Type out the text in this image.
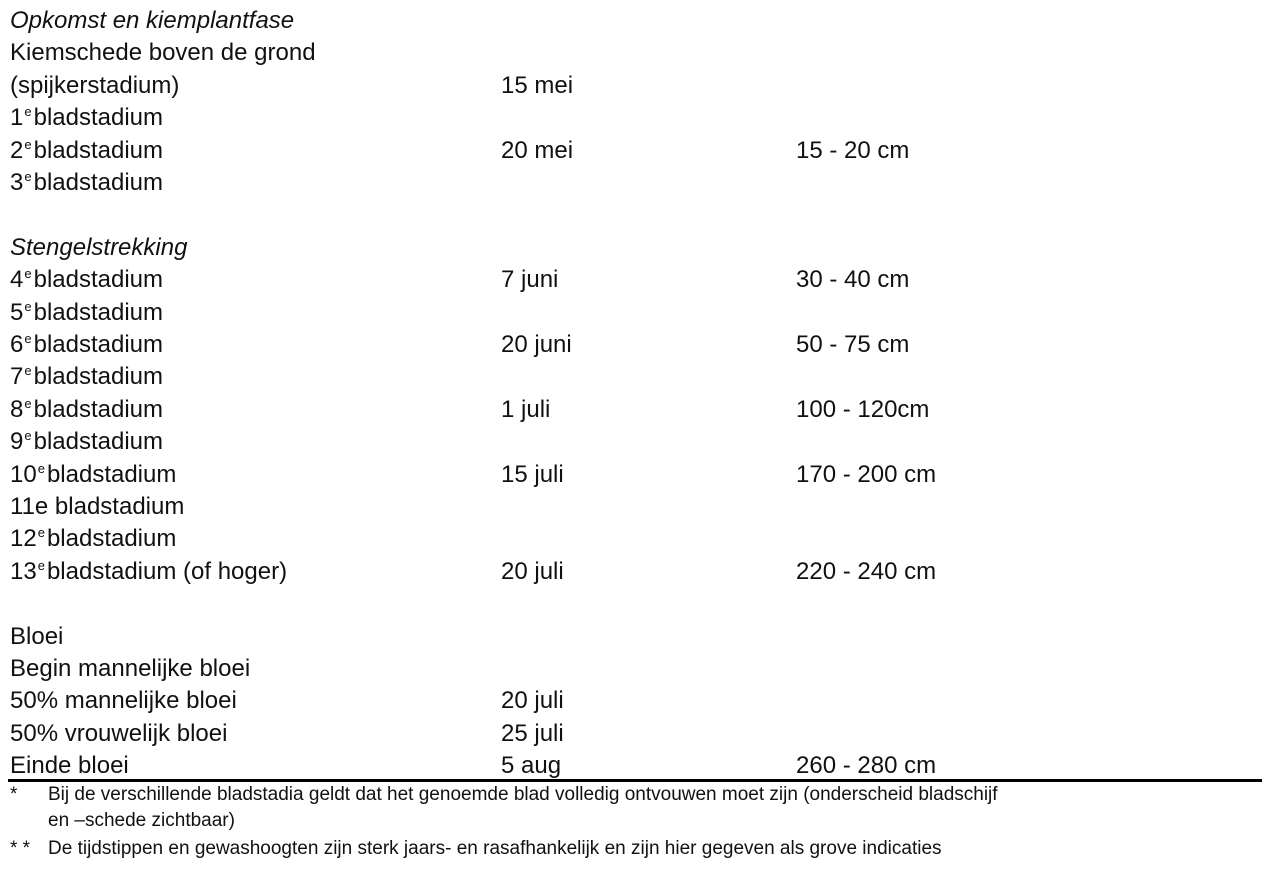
Opkomst en kiemplantfase
Kiemschede boven de grond
(spijkerstadium)	15 mei
1ebladstadium
2ebladstadium	20 mei	15 - 20 cm
3ebladstadium
Stengelstrekking
4ebladstadium	7 juni	30 - 40 cm
5ebladstadium
6ebladstadium	20 juni	50 - 75 cm
7ebladstadium
8ebladstadium	1 juli	100 - 120cm
9ebladstadium
10ebladstadium	15 juli	170 - 200 cm
11e bladstadium
12ebladstadium
13ebladstadium (of hoger)	20 juli	220 - 240 cm
Bloei
Begin mannelijke bloei
50% mannelijke bloei	20 juli
50% vrouwelijk bloei	25 juli
Einde bloei	5 aug	260 - 280 cm
* Bij de verschillende bladstadia geldt dat het genoemde blad volledig ontvouwen moet zijn (onderscheid bladschijf
en –schede zichtbaar)
* * De tijdstippen en gewashoogten zijn sterk jaars- en rasafhankelijk en zijn hier gegeven als grove indicaties
